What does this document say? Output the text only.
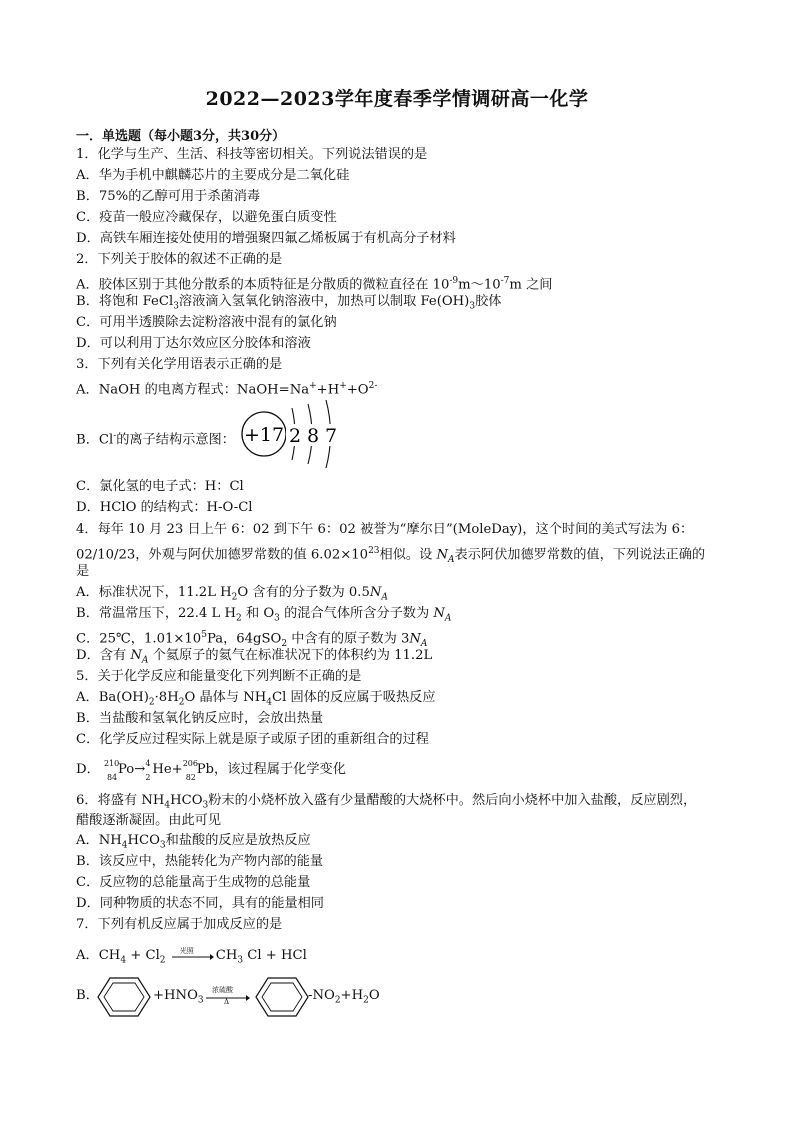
2022—2023学年度春季学情调研高一化学
一．单选题（每小题3分，共30分）
1．化学与生产、生活、科技等密切相关。下列说法错误的是
A．华为手机中麒麟芯片的主要成分是二氧化硅
B．75%的乙醇可用于杀菌消毒
C．疫苗一般应冷藏保存，以避免蛋白质变性
D．高铁车厢连接处使用的增强聚四氟乙烯板属于有机高分子材料
2．下列关于胶体的叙述不正确的是
A．胶体区别于其他分散系的本质特征是分散质的微粒直径在 $10^{-9}m\sim 10^{-7}m$ 之间
B．将饱和 FeCl$_3$溶液滴入氢氧化钠溶液中，加热可以制取 $Fe(OH)_3$胶体
C．可用半透膜除去淀粉溶液中混有的氯化钠
D．可以利用丁达尔效应区分胶体和溶液
3．下列有关化学用语表示正确的是
A．NaOH 的电离方程式：$NaOH=Na^++H^++O^{2-}$
B．Cl-的离子结构示意图： +17 2 8 7
C．氯化氢的电子式：H：Cl
D．HClO 的结构式：H-O-Cl
4．每年 10 月 23 日上午 6：02 到下午 6：02 被誉为“摩尔日”(MoleDay)，这个时间的美式写法为 6：
02/10/23，外观与阿伏加德罗常数的值 $6.02\times 10^{23}$相似。设 $N_A$表示阿伏加德罗常数的值，下列说法正确的
是
A．标准状况下，11.2L $H_2O$ 含有的分子数为 $0.5N_A$
B．常温常压下，22.4 L $H_2$ 和 $O_3$ 的混合气体所含分子数为 $N_A$
C．25℃，$1.01\times 10^5Pa$，64gSO$_2$ 中含有的原子数为 $3N_A$
D．含有 $N_A$ 个氦原子的氦气在标准状况下的体积约为 11.2L
5．关于化学反应和能量变化下列判断不正确的是
A．$Ba(OH)_2\cdot 8H_2O$ 晶体与 $NH_4Cl$ 固体的反应属于吸热反应
B．当盐酸和氢氧化钠反应时，会放出热量
C．化学反应过程实际上就是原子或原子团的重新组合的过程
D． 210
84
Po→ 4
2
He+ 206
82
Pb，该过程属于化学变化
6．将盛有 $NH_4HCO_3$粉末的小烧杯放入盛有少量醋酸的大烧杯中。然后向小烧杯中加入盐酸，反应剧烈，
醋酸逐渐凝固。由此可见
A．$NH_4HCO_3$和盐酸的反应是放热反应
B．该反应中，热能转化为产物内部的能量
C．反应物的总能量高于生成物的总能量
D．同种物质的状态不同，具有的能量相同
7．下列有机反应属于加成反应的是
A．$CH_4 + Cl_2$
光照 $CH_3$ Cl + HCl
B．	$+HNO_3$
浓硫酸
Δ	$-NO_2+H_2O$
